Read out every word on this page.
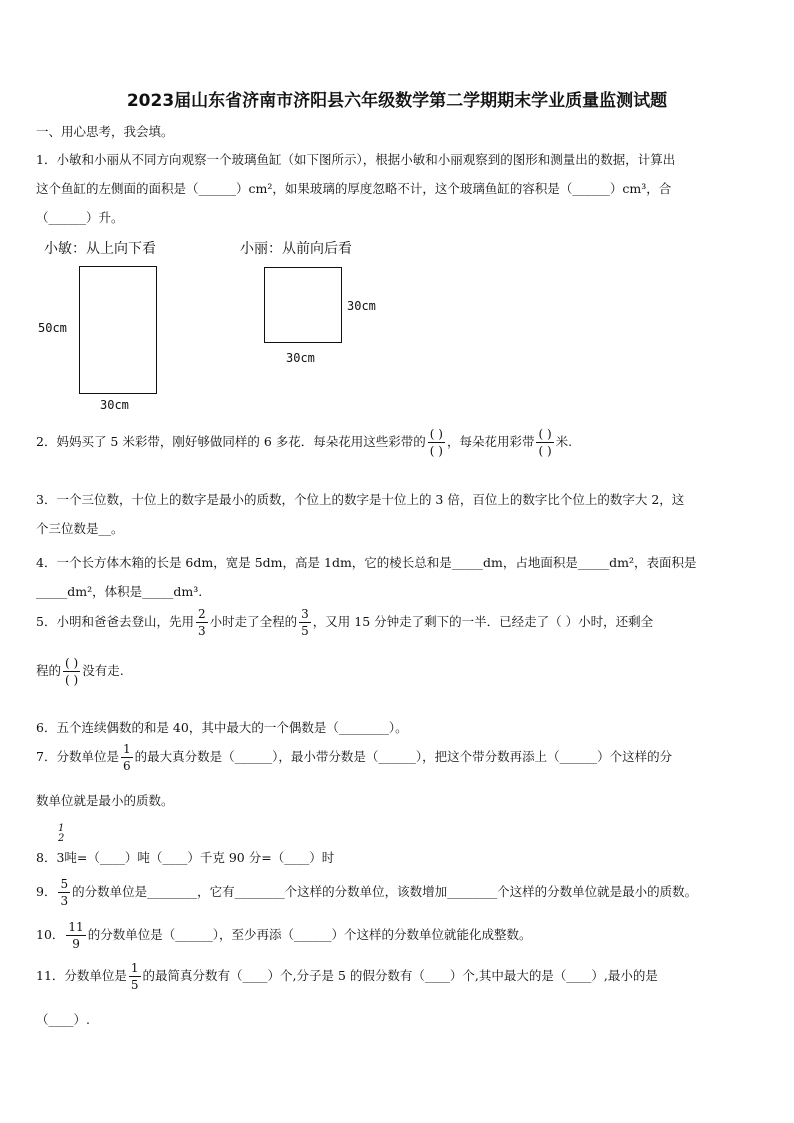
2023届山东省济南市济阳县六年级数学第二学期期末学业质量监测试题
一、用心思考，我会填。
1．小敏和小丽从不同方向观察一个玻璃鱼缸（如下图所示），根据小敏和小丽观察到的图形和测量出的数据，计算出
这个鱼缸的左侧面的面积是（______）cm²，如果玻璃的厚度忽略不计，这个玻璃鱼缸的容积是（______）cm³，合
（______）升。
小敏：从上向下看	小丽：从前向后看
50cm
30cm
30cm
30cm
2．妈妈买了 5 米彩带，刚好够做同样的 6 多花．每朵花用这些彩带的 $\frac{( )}{( )}$ ，每朵花用彩带 $\frac{( )}{( )}$ 米.
3．一个三位数，十位上的数字是最小的质数，个位上的数字是十位上的 3 倍，百位上的数字比个位上的数字大 2，这
个三位数是__。
4．一个长方体木箱的长是 6dm，宽是 5dm，高是 1dm，它的棱长总和是_____dm，占地面积是_____dm²，表面积是
_____dm²，体积是_____dm³.
5．小明和爸爸去登山，先用 $\frac{2}{3}$ 小时走了全程的 $\frac{3}{5}$ ，又用 15 分钟走了剩下的一半．已经走了（ ）小时，还剩全
程的 $\frac{( )}{( )}$ 没有走.
6．五个连续偶数的和是 40，其中最大的一个偶数是（________）。
7．分数单位是 $\frac{1}{6}$ 的最大真分数是（______），最小带分数是（______），把这个带分数再添上（______）个这样的分
数单位就是最小的质数。
8．3
1
2
吨=（____）吨（____）千克 90 分=（____）时
9． $\frac{5}{3}$ 的分数单位是________，它有________个这样的分数单位，该数增加________个这样的分数单位就是最小的质数。
10． $\frac{11}{9}$ 的分数单位是（______），至少再添（______）个这样的分数单位就能化成整数。
11．分数单位是 $\frac{1}{5}$ 的最简真分数有（____）个,分子是 5 的假分数有（____）个,其中最大的是（____）,最小的是
（____）.
